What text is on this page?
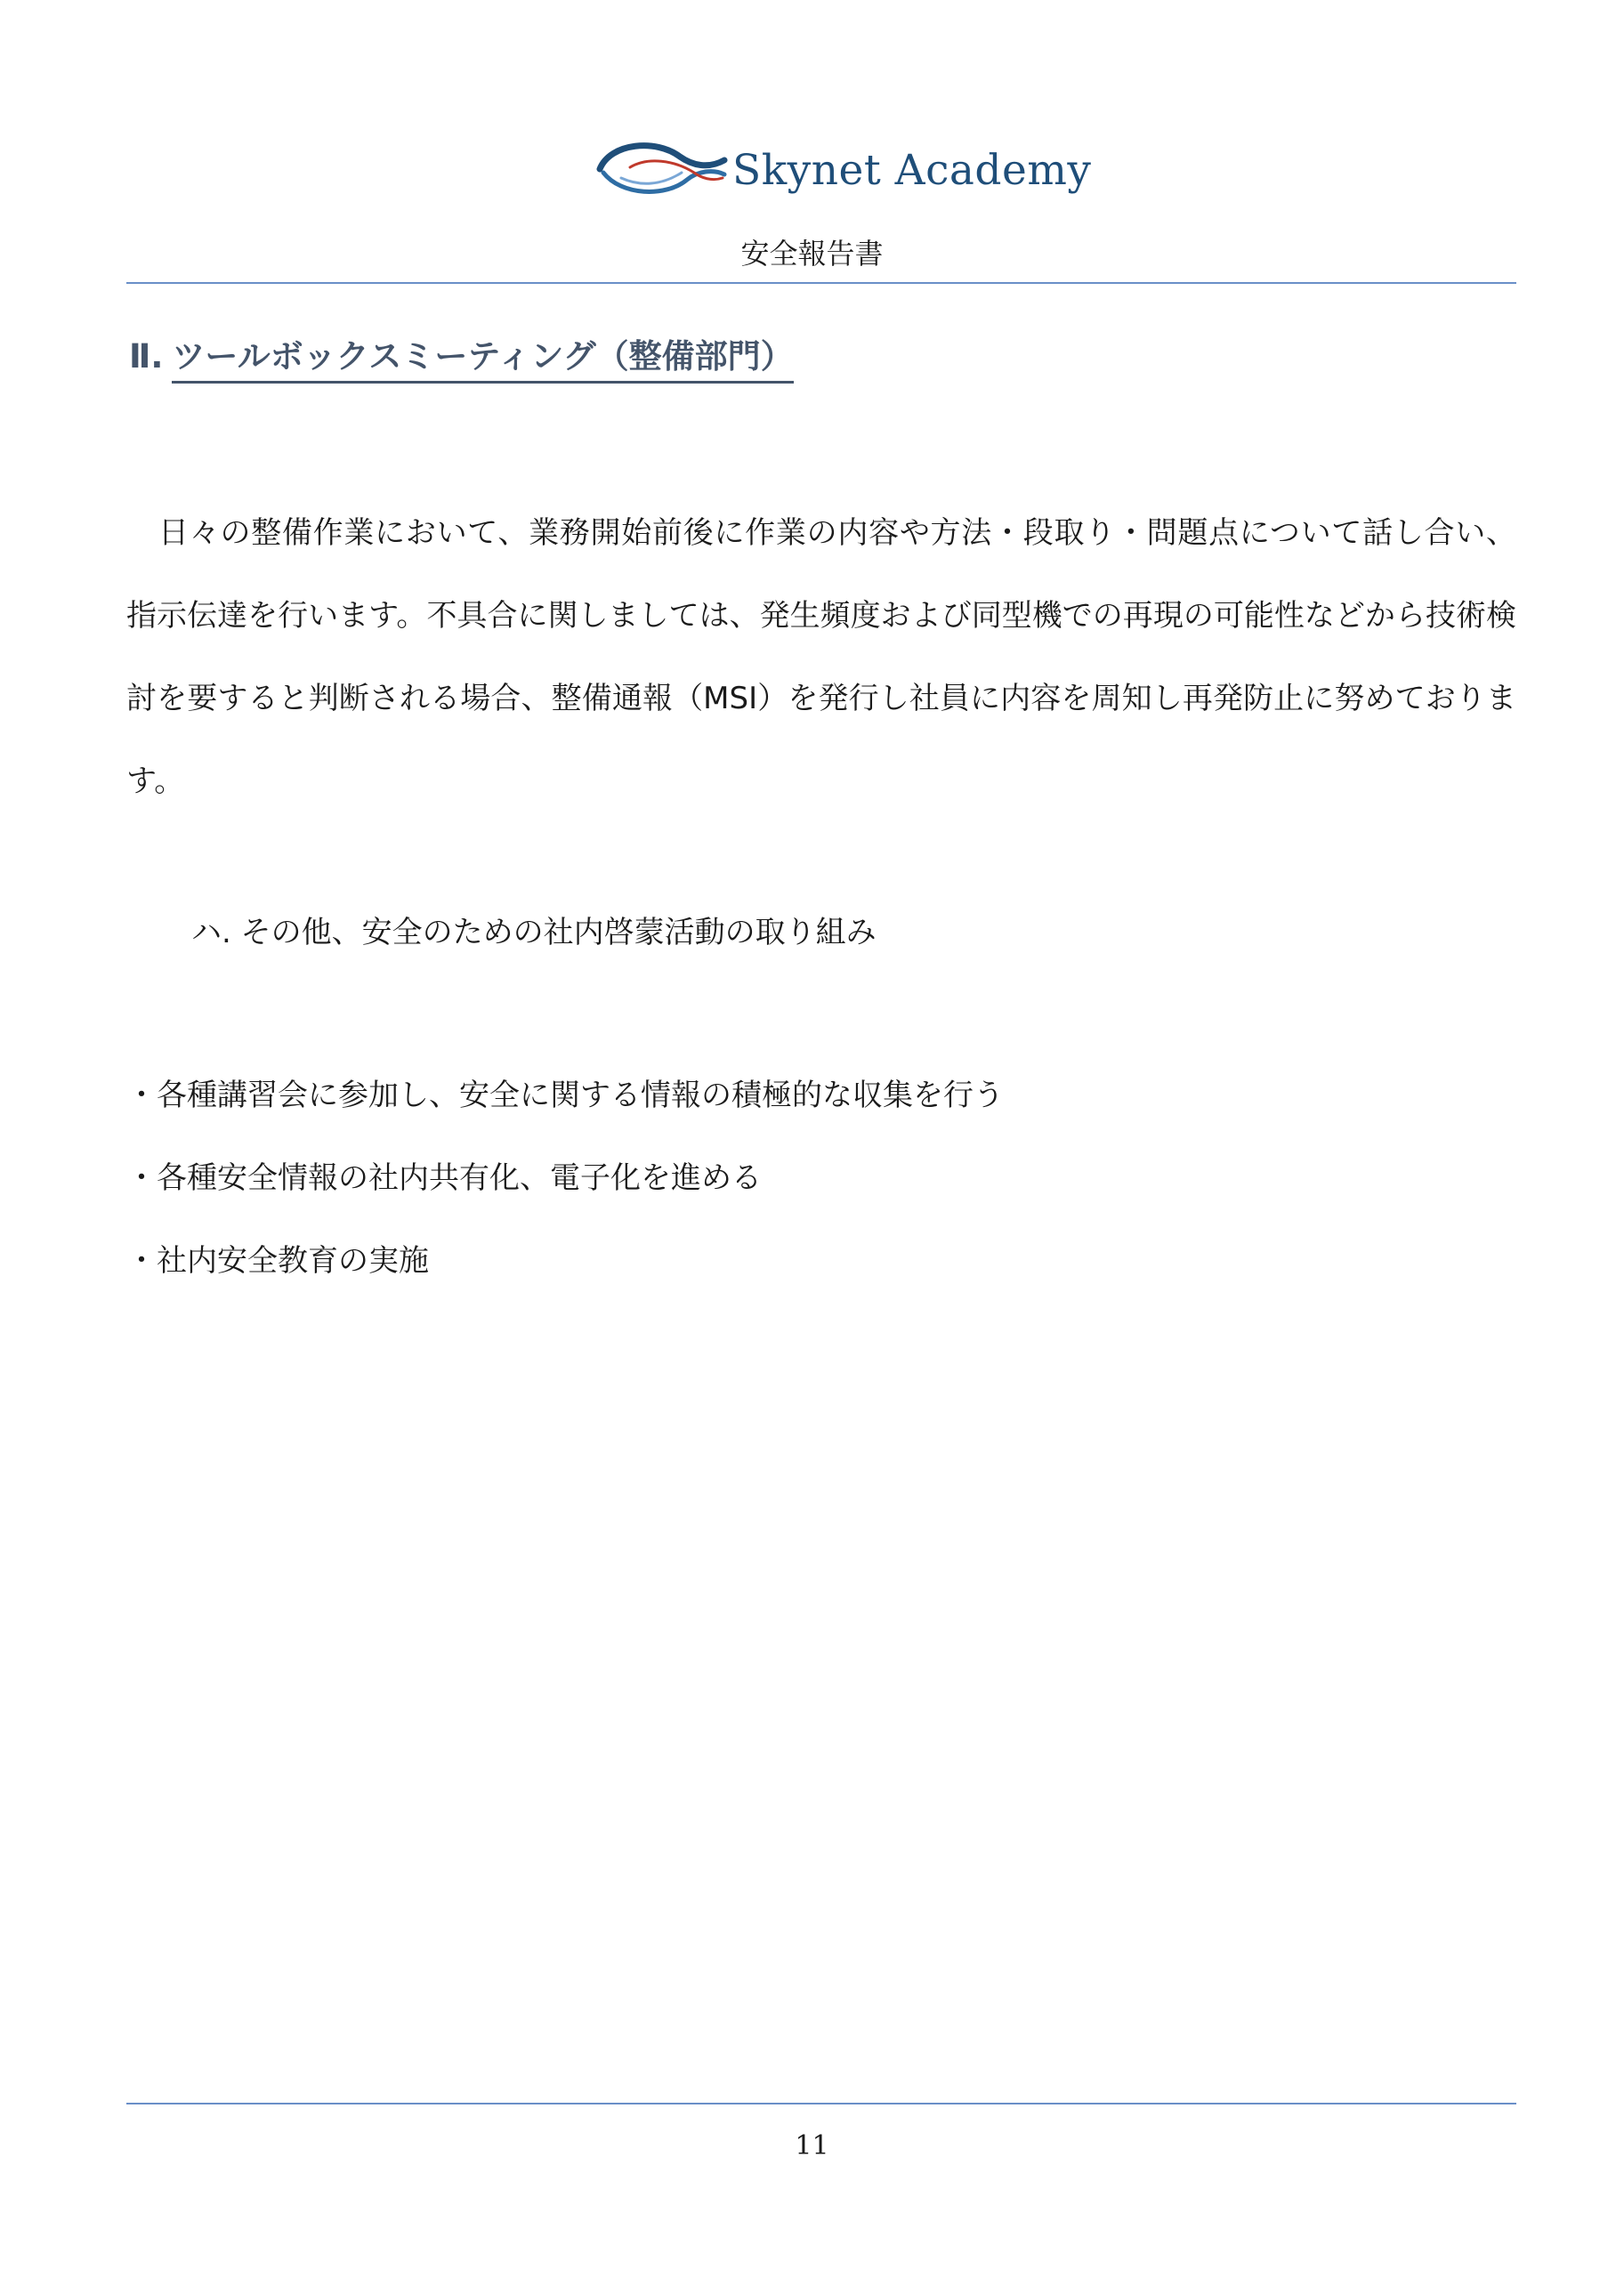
Skynet Academy
安全報告書
Ⅱ. ツールボックスミーティング（整備部門）
日々の整備作業において、業務開始前後に作業の内容や方法・段取り・問題点について話し合い、指示伝達を行います。不具合に関しましては、発生頻度および同型機での再現の可能性などから技術検討を要すると判断される場合、整備通報（MSI）を発行し社員に内容を周知し再発防止に努めております。
ハ. その他、安全のための社内啓蒙活動の取り組み
・各種講習会に参加し、安全に関する情報の積極的な収集を行う
・各種安全情報の社内共有化、電子化を進める
・社内安全教育の実施
11
